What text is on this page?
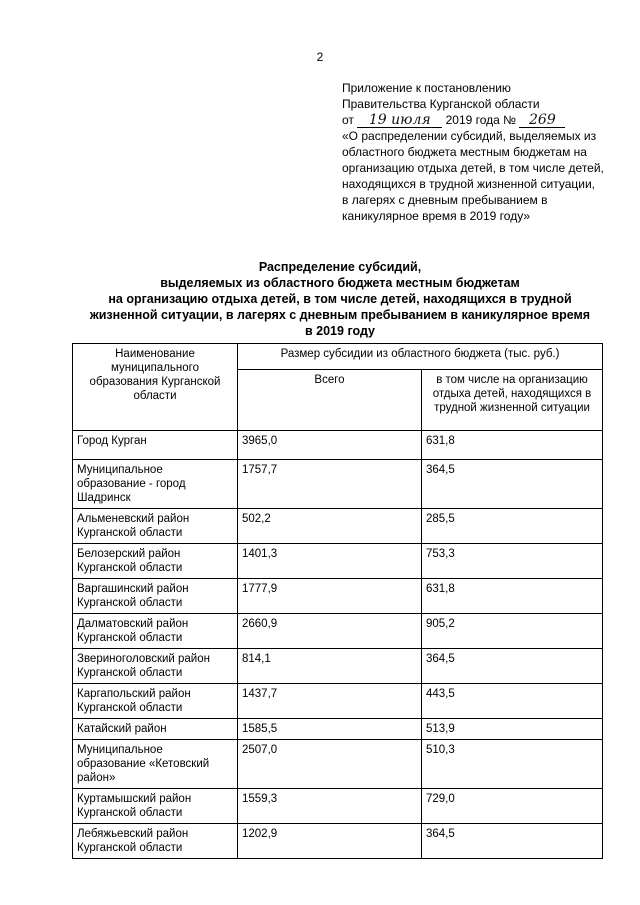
2
Приложение к постановлению
Правительства Курганской области
от 19 июля 2019 года № 269
«О распределении субсидий, выделяемых из областного бюджета местным бюджетам на организацию отдыха детей, в том числе детей, находящихся в трудной жизненной ситуации, в лагерях с дневным пребыванием в каникулярное время в 2019 году»
Распределение субсидий,
выделяемых из областного бюджета местным бюджетам
на организацию отдыха детей, в том числе детей, находящихся в трудной
жизненной ситуации, в лагерях с дневным пребыванием в каникулярное время
в 2019 году
Наименование муниципального образования Курганской области	Размер субсидии из областного бюджета (тыс. руб.)	
	Всего	в том числе на организацию отдыха детей, находящихся в трудной жизненной ситуации
Город Курган	3965,0	631,8
Муниципальное образование - город Шадринск	1757,7	364,5
Альменевский район Курганской области	502,2	285,5
Белозерский район Курганской области	1401,3	753,3
Варгашинский район Курганской области	1777,9	631,8
Далматовский район Курганской области	2660,9	905,2
Звериноголовский район Курганской области	814,1	364,5
Каргапольский район Курганской области	1437,7	443,5
Катайский район	1585,5	513,9
Муниципальное образование «Кетовский район»	2507,0	510,3
Куртамышский район Курганской области	1559,3	729,0
Лебяжьевский район Курганской области	1202,9	364,5
